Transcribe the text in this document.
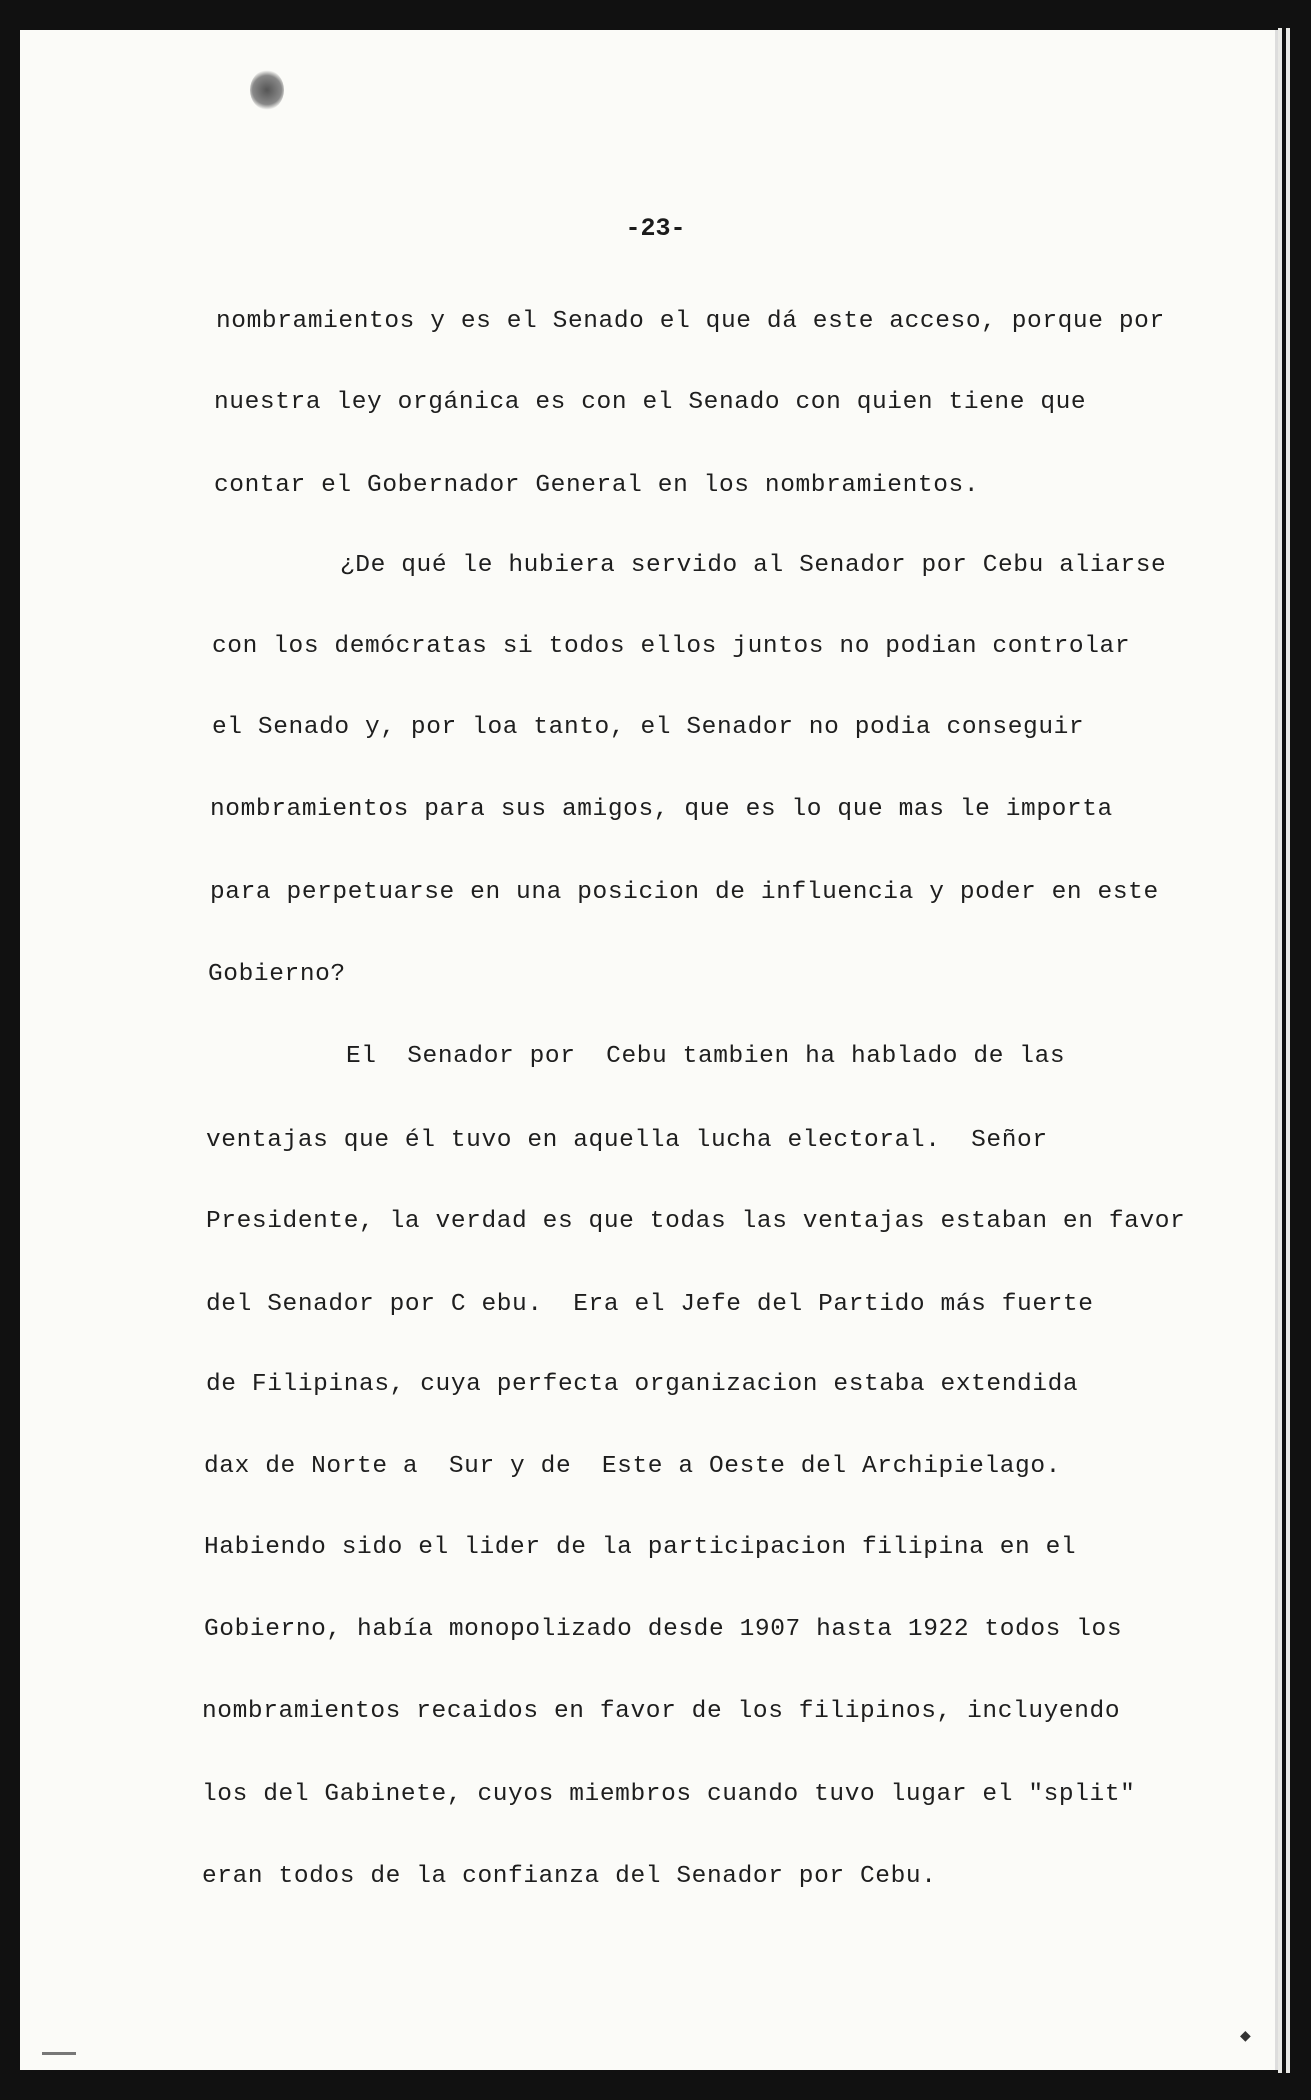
-23-
nombramientos y es el Senado el que dá este acceso, porque por
nuestra ley orgánica es con el Senado con quien tiene que
contar el Gobernador General en los nombramientos.
¿De qué le hubiera servido al Senador por Cebu aliarse
con los demócratas si todos ellos juntos no podian controlar
el Senado y, por loa tanto, el Senador no podia conseguir
nombramientos para sus amigos, que es lo que mas le importa
para perpetuarse en una posicion de influencia y poder en este
Gobierno?
El  Senador por  Cebu tambien ha hablado de las
ventajas que él tuvo en aquella lucha electoral.  Señor
Presidente, la verdad es que todas las ventajas estaban en favor
del Senador por C ebu.  Era el Jefe del Partido más fuerte
de Filipinas, cuya perfecta organizacion estaba extendida
dax de Norte a  Sur y de  Este a Oeste del Archipielago.
Habiendo sido el lider de la participacion filipina en el
Gobierno, había monopolizado desde 1907 hasta 1922 todos los
nombramientos recaidos en favor de los filipinos, incluyendo
los del Gabinete, cuyos miembros cuando tuvo lugar el "split"
eran todos de la confianza del Senador por Cebu.
◆
